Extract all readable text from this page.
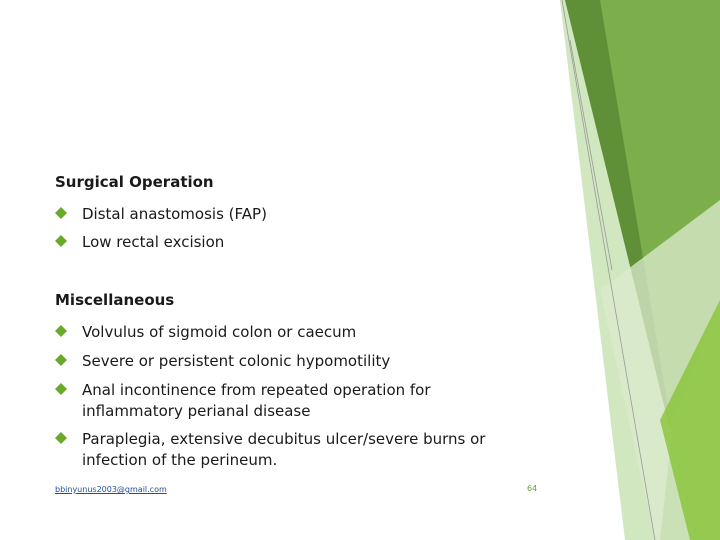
Surgical Operation
Distal anastomosis (FAP)
Low rectal excision
Miscellaneous
Volvulus of sigmoid colon or caecum
Severe or persistent colonic hypomotility
Anal incontinence from repeated operation for inflammatory perianal disease
Paraplegia, extensive decubitus ulcer/severe burns or infection of the perineum.
bbinyunus2003@gmail.com	64
